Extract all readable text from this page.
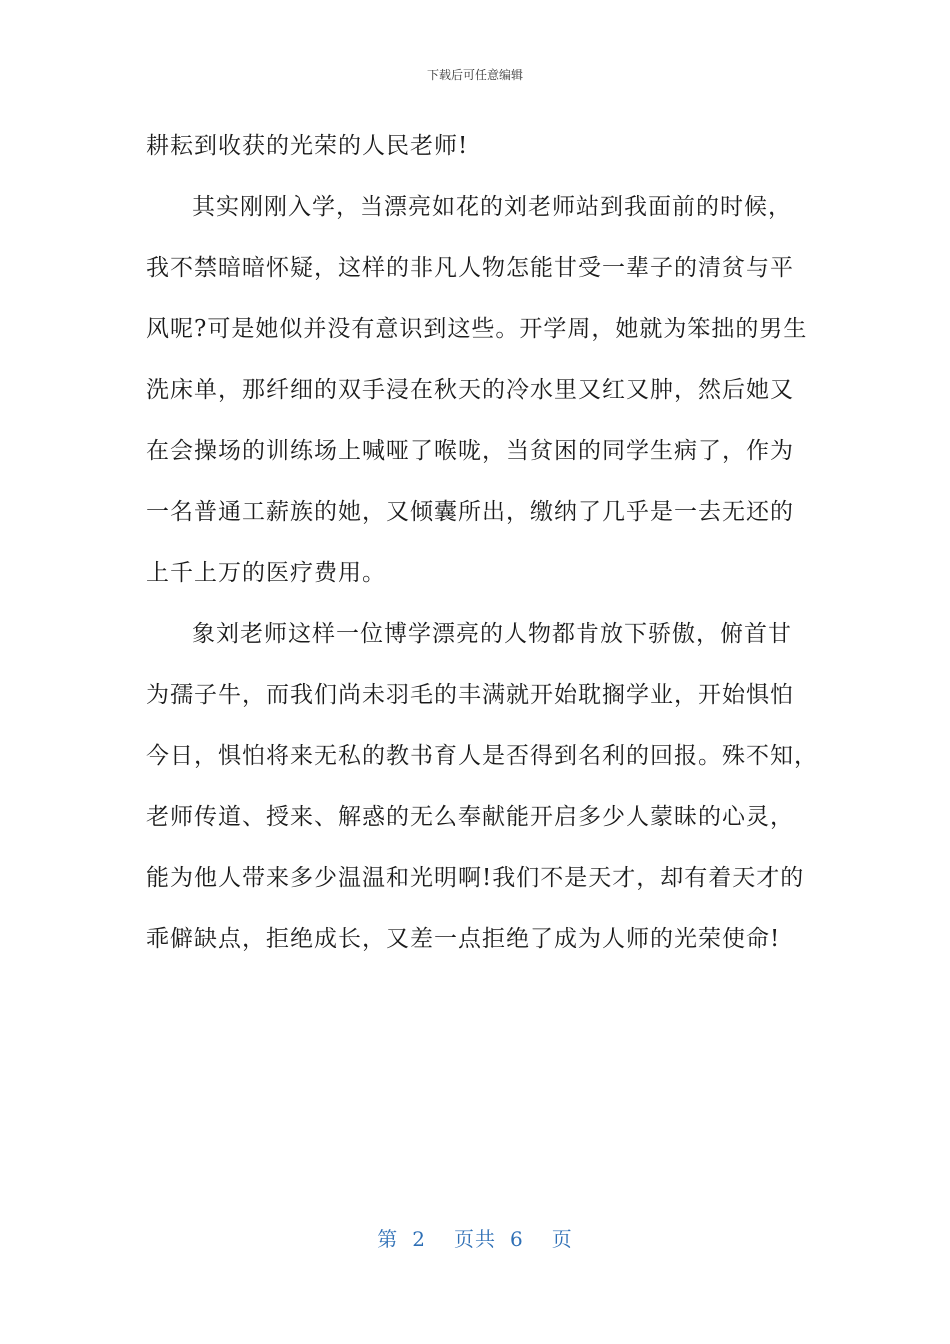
下载后可任意编辑
耕耘到收获的光荣的人民老师!
其实刚刚入学，当漂亮如花的刘老师站到我面前的时候，
我不禁暗暗怀疑，这样的非凡人物怎能甘受一辈子的清贫与平
风呢?可是她似并没有意识到这些。开学周，她就为笨拙的男生
洗床单，那纤细的双手浸在秋天的冷水里又红又肿，然后她又
在会操场的训练场上喊哑了喉咙，当贫困的同学生病了，作为
一名普通工薪族的她，又倾囊所出，缴纳了几乎是一去无还的
上千上万的医疗费用。
象刘老师这样一位博学漂亮的人物都肯放下骄傲，俯首甘
为孺子牛，而我们尚未羽毛的丰满就开始耽搁学业，开始惧怕
今日，惧怕将来无私的教书育人是否得到名利的回报。殊不知，
老师传道、授来、解惑的无么奉献能开启多少人蒙昧的心灵，
能为他人带来多少温温和光明啊!我们不是天才，却有着天才的
乖僻缺点，拒绝成长，又差一点拒绝了成为人师的光荣使命!
第 2 页共 6 页
